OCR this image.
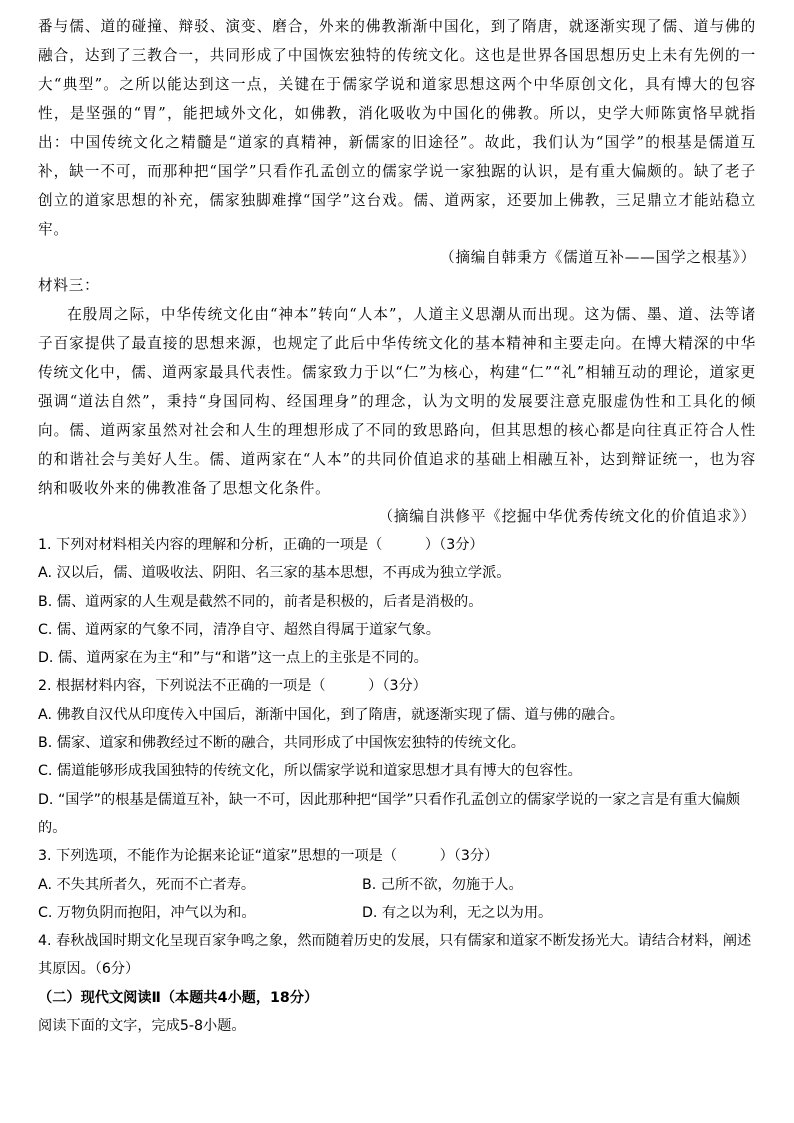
番与儒、道的碰撞、辩驳、演变、磨合，外来的佛教渐渐中国化，到了隋唐，就逐渐实现了儒、道与佛的融合，达到了三教合一，共同形成了中国恢宏独特的传统文化。这也是世界各国思想历史上未有先例的一大“典型”。之所以能达到这一点，关键在于儒家学说和道家思想这两个中华原创文化，具有博大的包容性，是坚强的“胃”，能把域外文化，如佛教，消化吸收为中国化的佛教。所以，史学大师陈寅恪早就指出：中国传统文化之精髓是“道家的真精神，新儒家的旧途径”。故此，我们认为“国学”的根基是儒道互补，缺一不可，而那种把“国学”只看作孔孟创立的儒家学说一家独踞的认识，是有重大偏颇的。缺了老子创立的道家思想的补充，儒家独脚难撑“国学”这台戏。儒、道两家，还要加上佛教，三足鼎立才能站稳立牢。

（摘编自韩秉方《儒道互补——国学之根基》）

材料三：

在殷周之际，中华传统文化由“神本”转向“人本”，人道主义思潮从而出现。这为儒、墨、道、法等诸子百家提供了最直接的思想来源，也规定了此后中华传统文化的基本精神和主要走向。在博大精深的中华传统文化中，儒、道两家最具代表性。儒家致力于以“仁”为核心，构建“仁”“礼”相辅互动的理论，道家更强调“道法自然”，秉持“身国同构、经国理身”的理念，认为文明的发展要注意克服虚伪性和工具化的倾向。儒、道两家虽然对社会和人生的理想形成了不同的致思路向，但其思想的核心都是向往真正符合人性的和谐社会与美好人生。儒、道两家在“人本”的共同价值追求的基础上相融互补，达到辩证统一，也为容纳和吸收外来的佛教准备了思想文化条件。

（摘编自洪修平《挖掘中华优秀传统文化的价值追求》）

1. 下列对材料相关内容的理解和分析，正确的一项是（　　　）（3分）

A. 汉以后，儒、道吸收法、阴阳、名三家的基本思想，不再成为独立学派。

B. 儒、道两家的人生观是截然不同的，前者是积极的，后者是消极的。

C. 儒、道两家的气象不同，清净自守、超然自得属于道家气象。

D. 儒、道两家在为主“和”与“和谐”这一点上的主张是不同的。

2. 根据材料内容，下列说法不正确的一项是（　　　）（3分）

A. 佛教自汉代从印度传入中国后，渐渐中国化，到了隋唐，就逐渐实现了儒、道与佛的融合。

B. 儒家、道家和佛教经过不断的融合，共同形成了中国恢宏独特的传统文化。

C. 儒道能够形成我国独特的传统文化，所以儒家学说和道家思想才具有博大的包容性。

D. “国学”的根基是儒道互补，缺一不可，因此那种把“国学”只看作孔孟创立的儒家学说的一家之言是有重大偏颇的。

3. 下列选项，不能作为论据来论证“道家”思想的一项是（　　　）（3分）

A. 不失其所者久，死而不亡者寿。	B. 己所不欲，勿施于人。
C. 万物负阴而抱阳，冲气以为和。	D. 有之以为利，无之以为用。

4. 春秋战国时期文化呈现百家争鸣之象，然而随着历史的发展，只有儒家和道家不断发扬光大。请结合材料，阐述其原因。（6分）

（二）现代文阅读Ⅱ（本题共4小题，18分）

阅读下面的文字，完成5-8小题。
